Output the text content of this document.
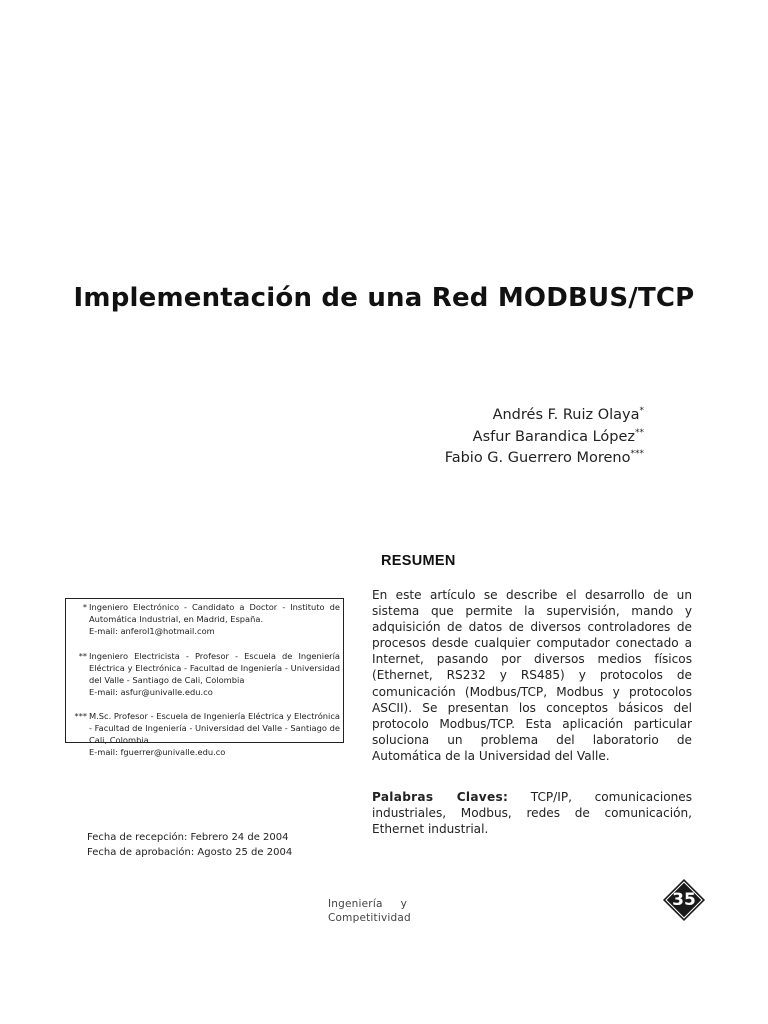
Implementación de una Red MODBUS/TCP
Andrés F. Ruiz Olaya*
Asfur Barandica López**
Fabio G. Guerrero Moreno***
RESUMEN

En este artículo se describe el desarrollo de un sistema que permite la supervisión, mando y adquisición de datos de diversos controladores de procesos desde cualquier computador conectado a Internet, pasando por diversos medios físicos (Ethernet, RS232 y RS485) y protocolos de comunicación (Modbus/TCP, Modbus y protocolos ASCII). Se presentan los conceptos básicos del protocolo Modbus/TCP. Esta aplicación particular soluciona un problema del laboratorio de Automática de la Universidad del Valle.

Palabras Claves: TCP/IP, comunicaciones industriales, Modbus, redes de comunicación, Ethernet industrial.

* Ingeniero Electrónico - Candidato a Doctor - Instituto de Automática Industrial, en Madrid, España.
E-mail: anferol1@hotmail.com
** Ingeniero Electricista - Profesor - Escuela de Ingeniería Eléctrica y Electrónica - Facultad de Ingeniería - Universidad del Valle - Santiago de Cali, Colombia
E-mail: asfur@univalle.edu.co
*** M.Sc. Profesor - Escuela de Ingeniería Eléctrica y Electrónica - Facultad de Ingeniería - Universidad del Valle - Santiago de Cali, Colombia.
E-mail: fguerrer@univalle.edu.co
Fecha de recepción: Febrero 24 de 2004
Fecha de aprobación: Agosto 25 de 2004
Ingeniería y
Competitividad
35
